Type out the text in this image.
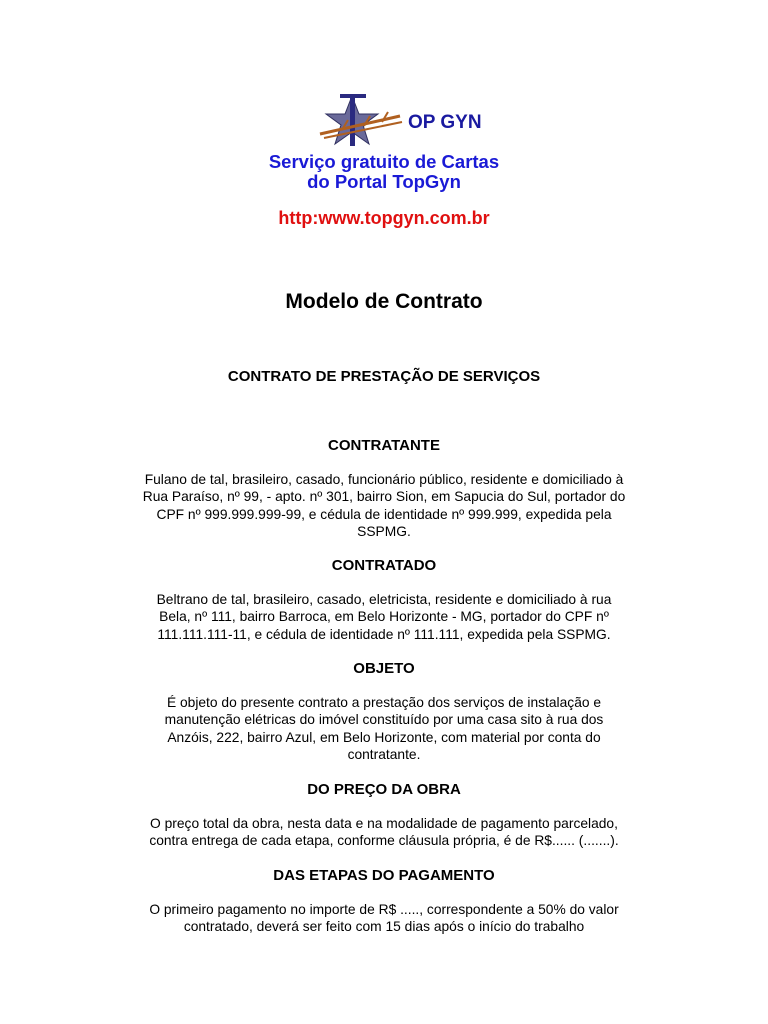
OP GYN
Serviço gratuito de Cartas
do Portal TopGyn
http:www.topgyn.com.br
Modelo de Contrato
CONTRATO DE PRESTAÇÃO DE SERVIÇOS
CONTRATANTE

Fulano de tal, brasileiro, casado, funcionário público, residente e domiciliado à
Rua Paraíso, nº 99, - apto. nº 301, bairro Sion, em Sapucia do Sul, portador do
CPF nº 999.999.999-99, e cédula de identidade nº 999.999, expedida pela
SSPMG.

CONTRATADO

Beltrano de tal, brasileiro, casado, eletricista, residente e domiciliado à rua
Bela, nº 111, bairro Barroca, em Belo Horizonte - MG, portador do CPF nº
111.111.111-11, e cédula de identidade nº 111.111, expedida pela SSPMG.

OBJETO

É objeto do presente contrato a prestação dos serviços de instalação e
manutenção elétricas do imóvel constituído por uma casa sito à rua dos
Anzóis, 222, bairro Azul, em Belo Horizonte, com material por conta do
contratante.

DO PREÇO DA OBRA

O preço total da obra, nesta data e na modalidade de pagamento parcelado,
contra entrega de cada etapa, conforme cláusula própria, é de R$...... (.......).

DAS ETAPAS DO PAGAMENTO

O primeiro pagamento no importe de R$ ....., correspondente a 50% do valor
contratado, deverá ser feito com 15 dias após o início do trabalho
